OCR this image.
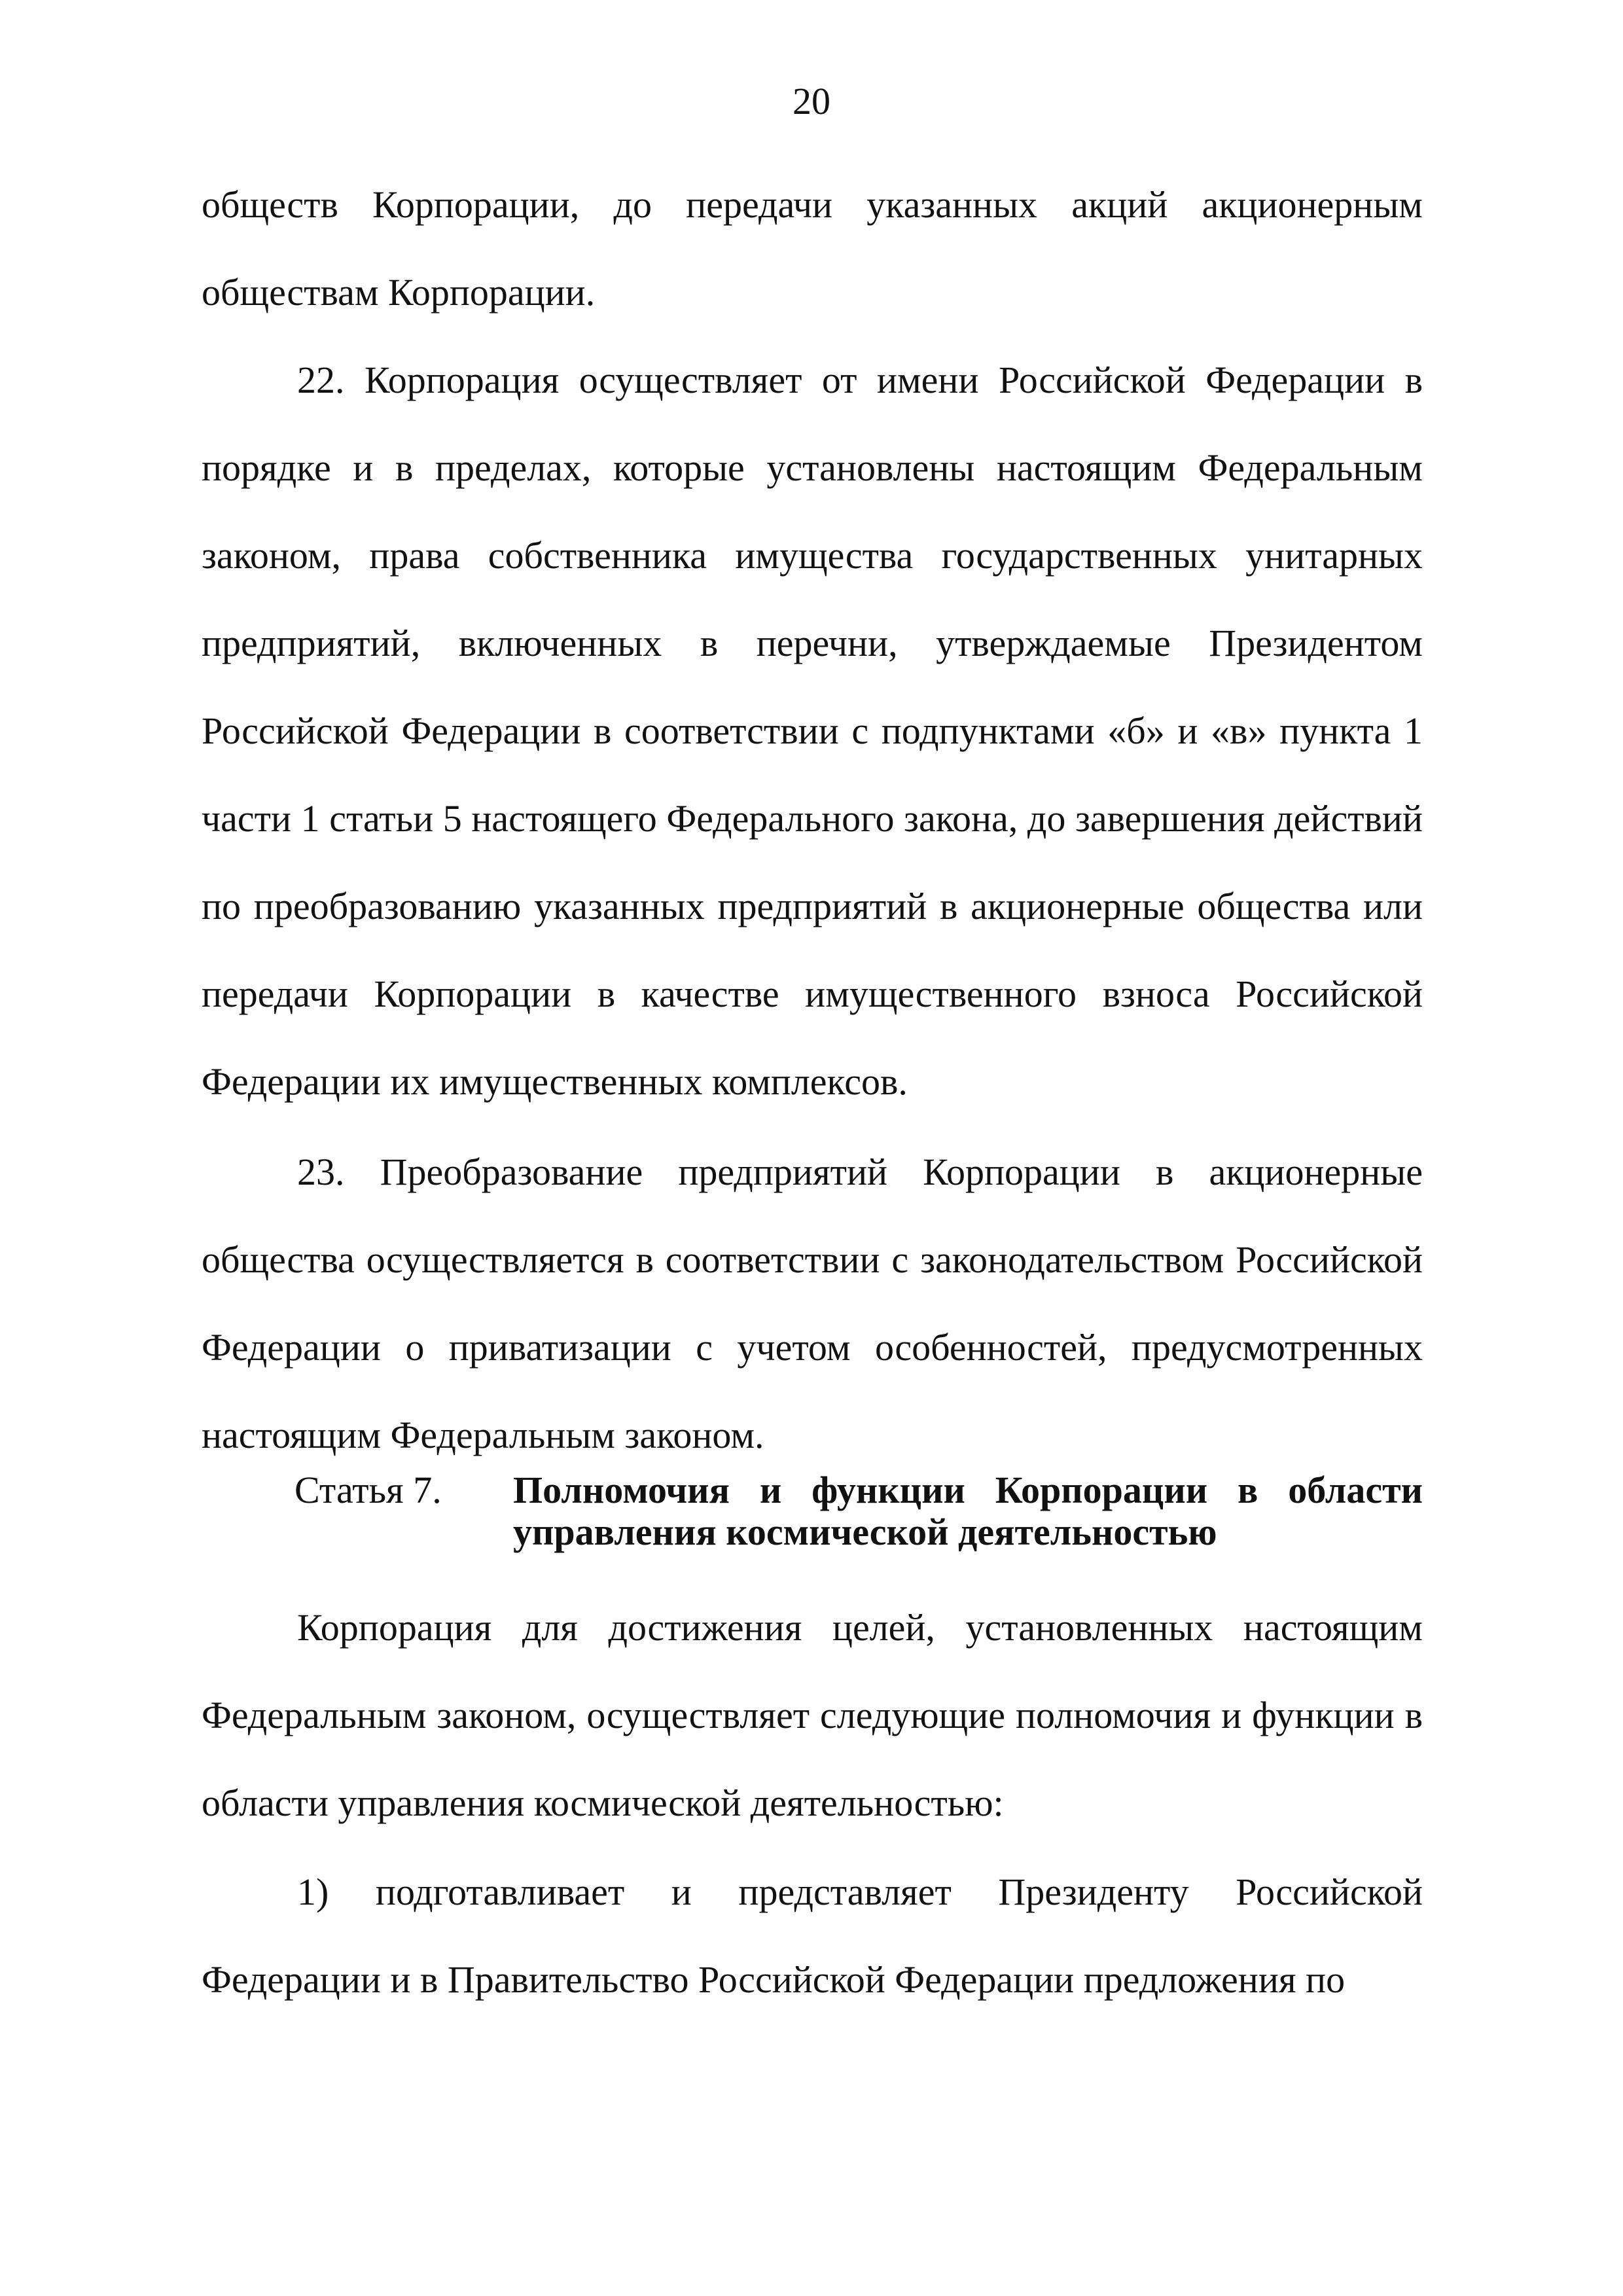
20

обществ Корпорации, до передачи указанных акций акционерным обществам Корпорации.

22. Корпорация осуществляет от имени Российской Федерации в порядке и в пределах, которые установлены настоящим Федеральным законом, права собственника имущества государственных унитарных предприятий, включенных в перечни, утверждаемые Президентом Российской Федерации в соответствии с подпунктами «б» и «в» пункта 1 части 1 статьи 5 настоящего Федерального закона, до завершения действий по преобразованию указанных предприятий в акционерные общества или передачи Корпорации в качестве имущественного взноса Российской Федерации их имущественных комплексов.

23. Преобразование предприятий Корпорации в акционерные общества осуществляется в соответствии с законодательством Российской Федерации о приватизации с учетом особенностей, предусмотренных настоящим Федеральным законом.

Статья 7. Полномочия и функции Корпорации в области управления космической деятельностью

Корпорация для достижения целей, установленных настоящим Федеральным законом, осуществляет следующие полномочия и функции в области управления космической деятельностью:

1) подготавливает и представляет Президенту Российской Федерации и в Правительство Российской Федерации предложения по
